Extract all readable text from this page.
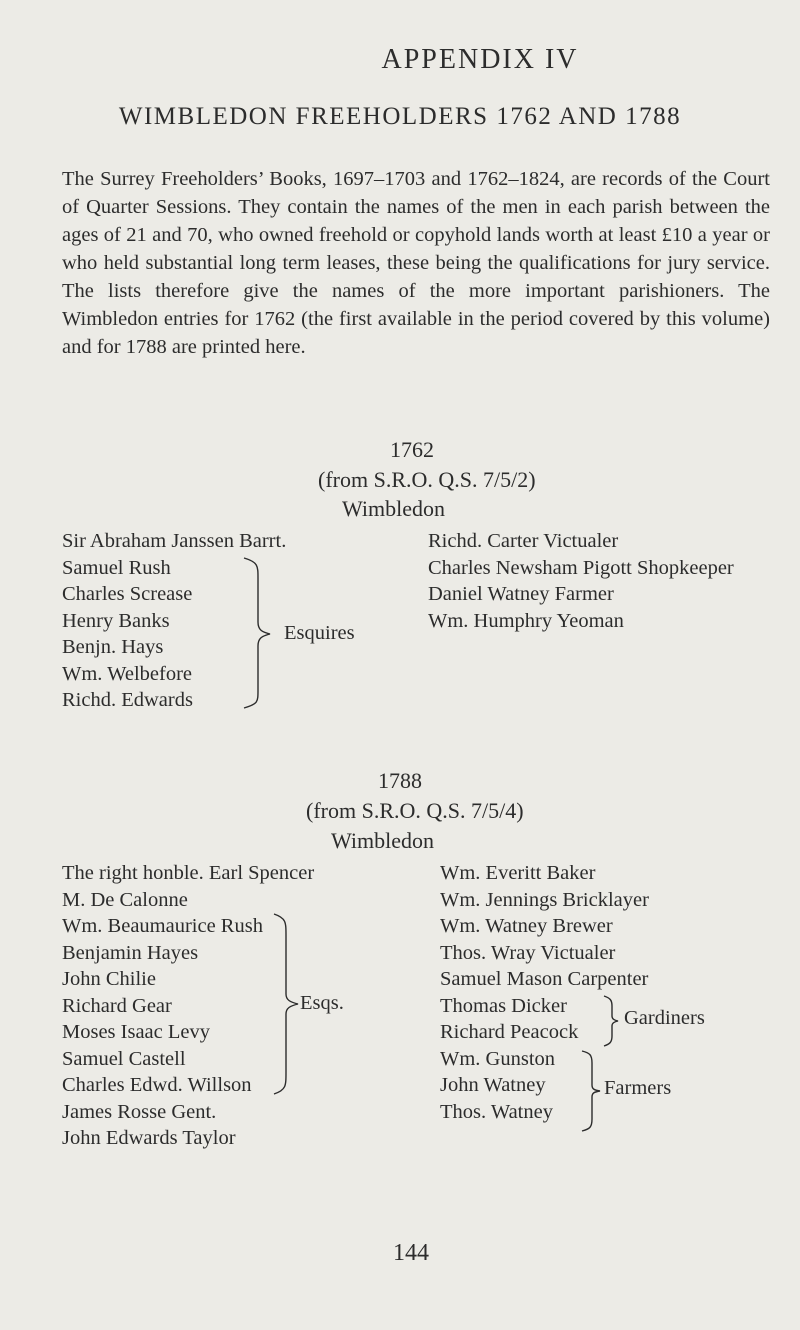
APPENDIX IV
WIMBLEDON FREEHOLDERS 1762 AND 1788
The Surrey Freeholders’ Books, 1697–1703 and 1762–1824, are records of the Court of Quarter Sessions. They contain the names of the men in each parish between the ages of 21 and 70, who owned freehold or copyhold lands worth at least £10 a year or who held substantial long term leases, these being the qualifications for jury service. The lists therefore give the names of the more important parishioners. The Wimbledon entries for 1762 (the first available in the period covered by this volume) and for 1788 are printed here.
1762
(from S.R.O. Q.S. 7/5/2)
Wimbledon
Sir Abraham Janssen Barrt.
Samuel Rush
Charles Screase
Henry Banks
Benjn. Hays
Wm. Welbefore
Richd. Edwards
Esquires
Richd. Carter Victualer
Charles Newsham Pigott Shopkeeper
Daniel Watney Farmer
Wm. Humphry Yeoman
1788
(from S.R.O. Q.S. 7/5/4)
Wimbledon
The right honble. Earl Spencer
M. De Calonne
Wm. Beaumaurice Rush
Benjamin Hayes
John Chilie
Richard Gear
Moses Isaac Levy
Samuel Castell
Charles Edwd. Willson
James Rosse Gent.
John Edwards Taylor
Esqs.
Wm. Everitt Baker
Wm. Jennings Bricklayer
Wm. Watney Brewer
Thos. Wray Victualer
Samuel Mason Carpenter
Thomas Dicker
Richard Peacock
Wm. Gunston
John Watney
Thos. Watney
Gardiners
Farmers
144
